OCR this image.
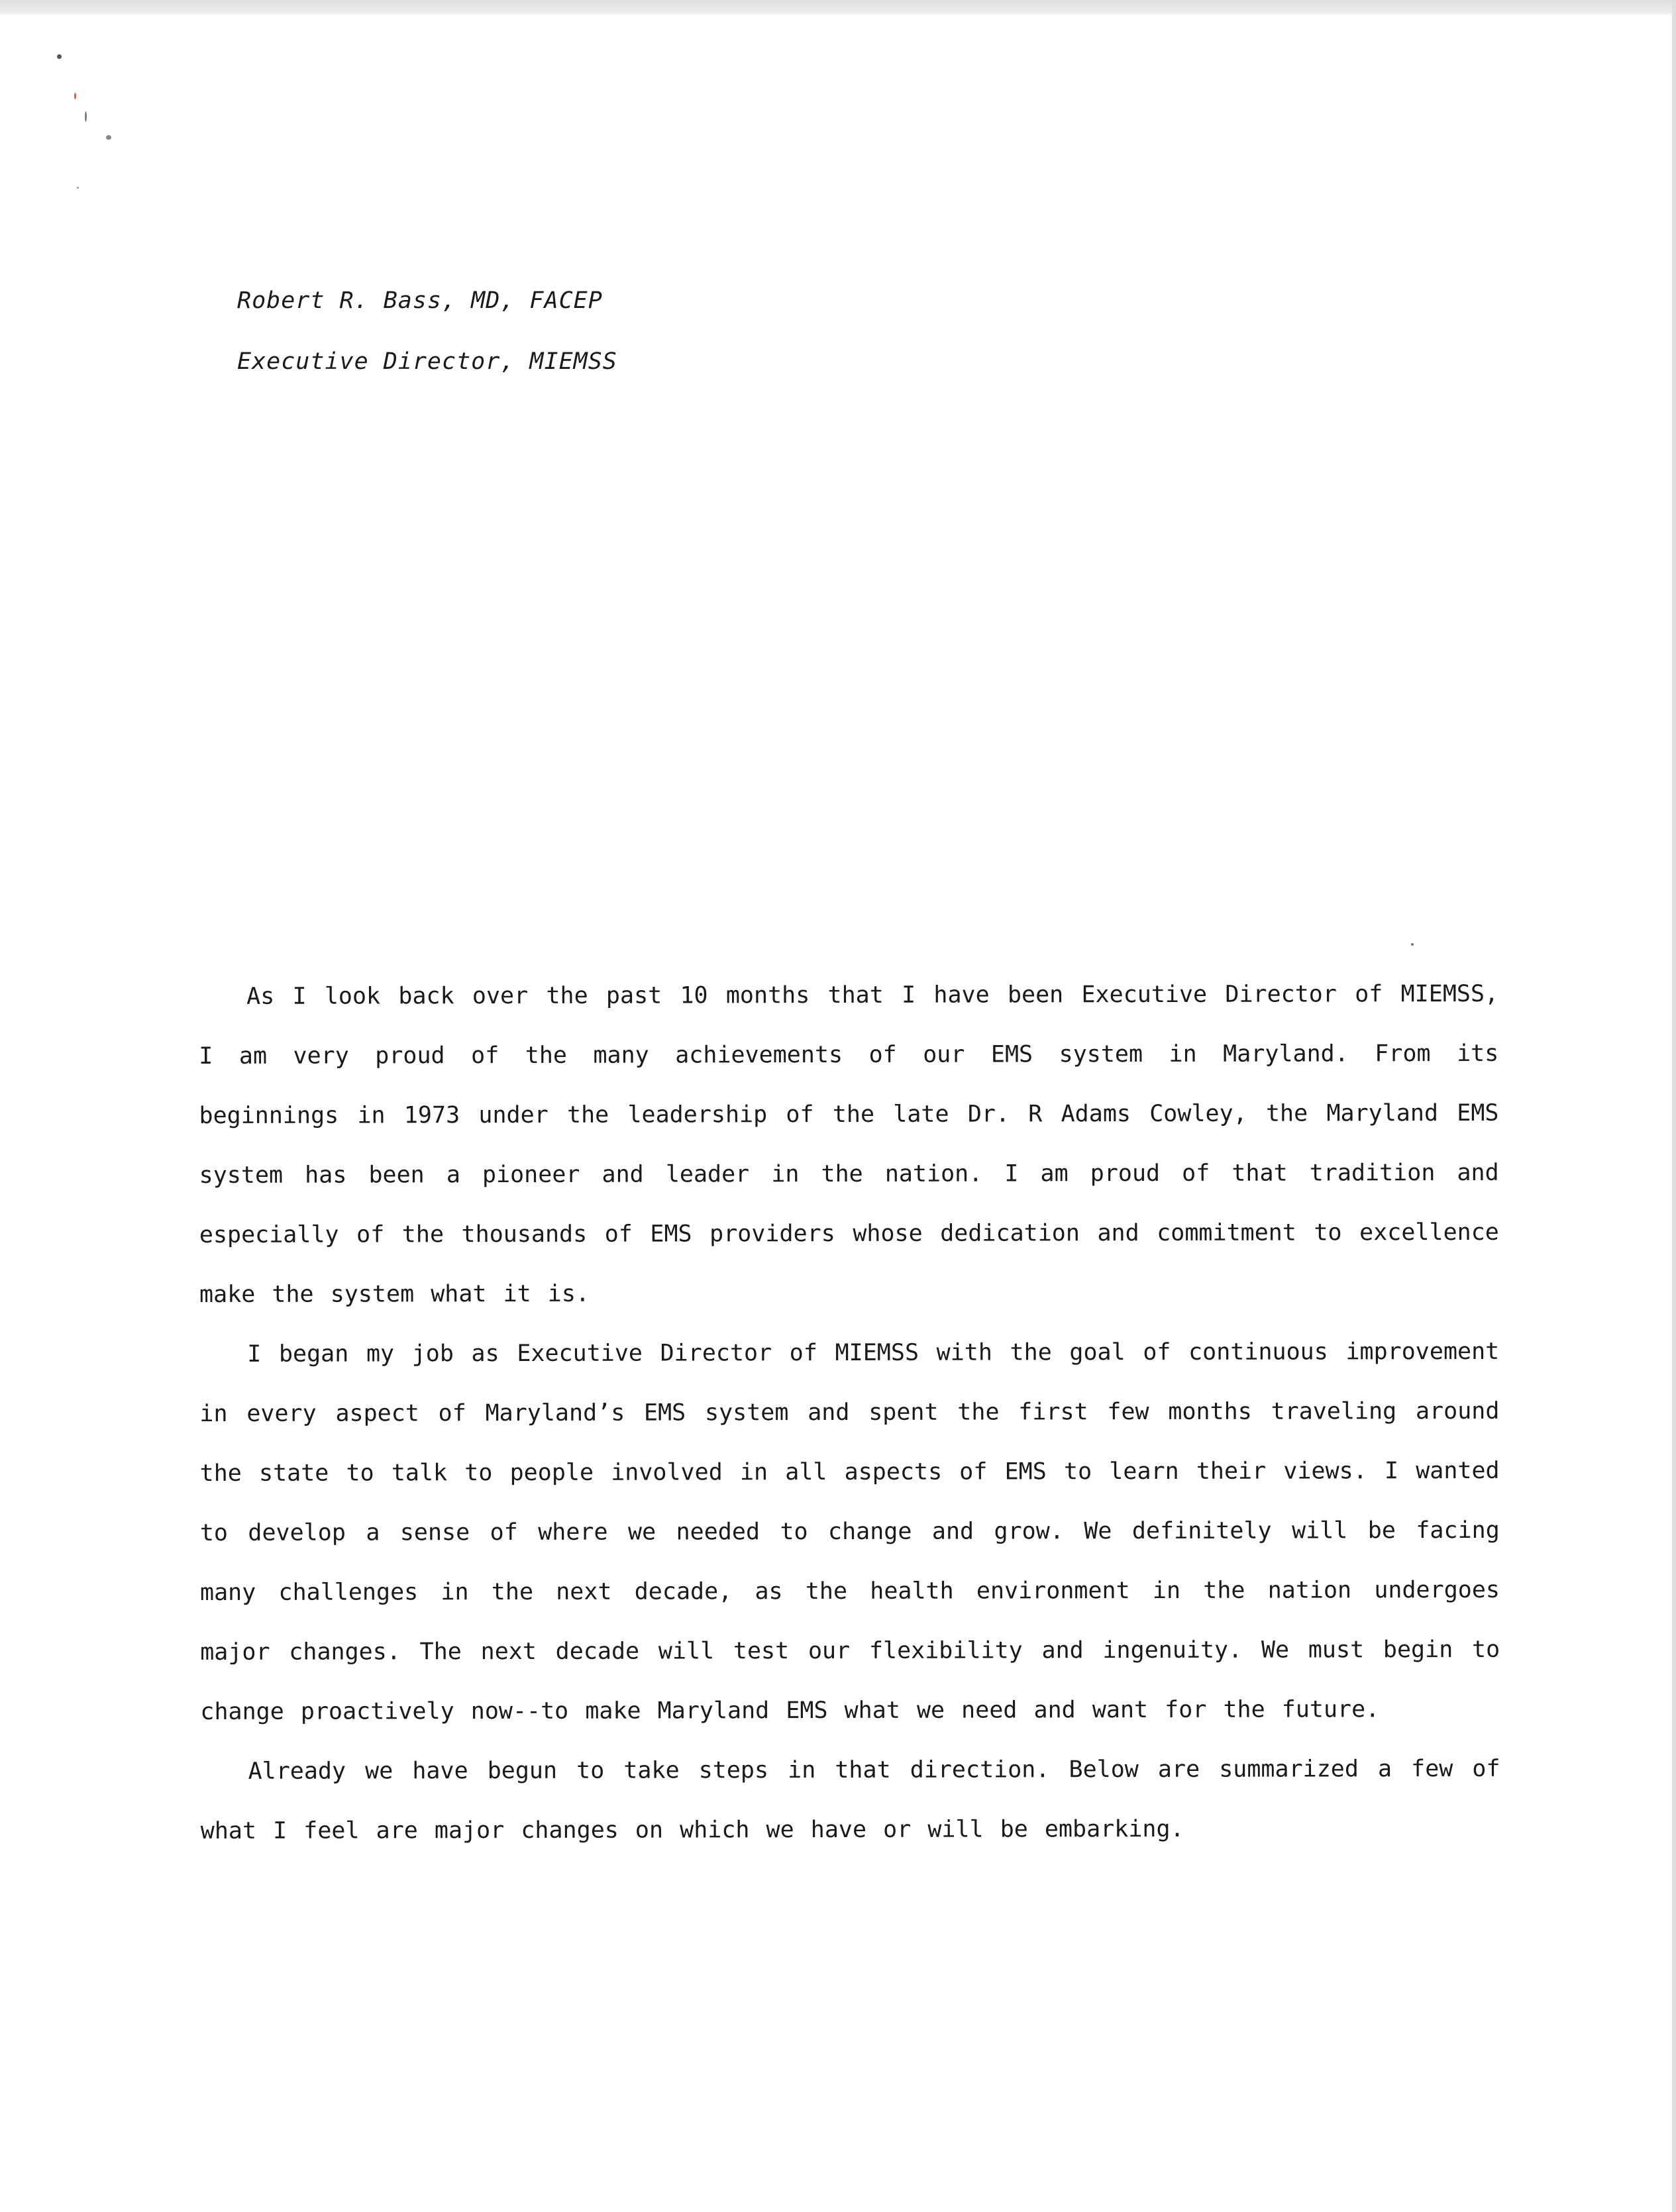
Robert R. Bass, MD, FACEP
Executive Director, MIEMSS

As I look back over the past 10 months that I have been Executive Director of MIEMSS, I am very proud of the many achievements of our EMS system in Maryland. From its beginnings in 1973 under the leadership of the late Dr. R Adams Cowley, the Maryland EMS system has been a pioneer and leader in the nation. I am proud of that tradition and especially of the thousands of EMS providers whose dedication and commitment to excellence make the system what it is.

I began my job as Executive Director of MIEMSS with the goal of continuous improvement in every aspect of Maryland’s EMS system and spent the first few months traveling around the state to talk to people involved in all aspects of EMS to learn their views. I wanted to develop a sense of where we needed to change and grow. We definitely will be facing many challenges in the next decade, as the health environment in the nation undergoes major changes. The next decade will test our flexibility and ingenuity. We must begin to change proactively now--to make Maryland EMS what we need and want for the future.

Already we have begun to take steps in that direction. Below are summarized a few of what I feel are major changes on which we have or will be embarking.
